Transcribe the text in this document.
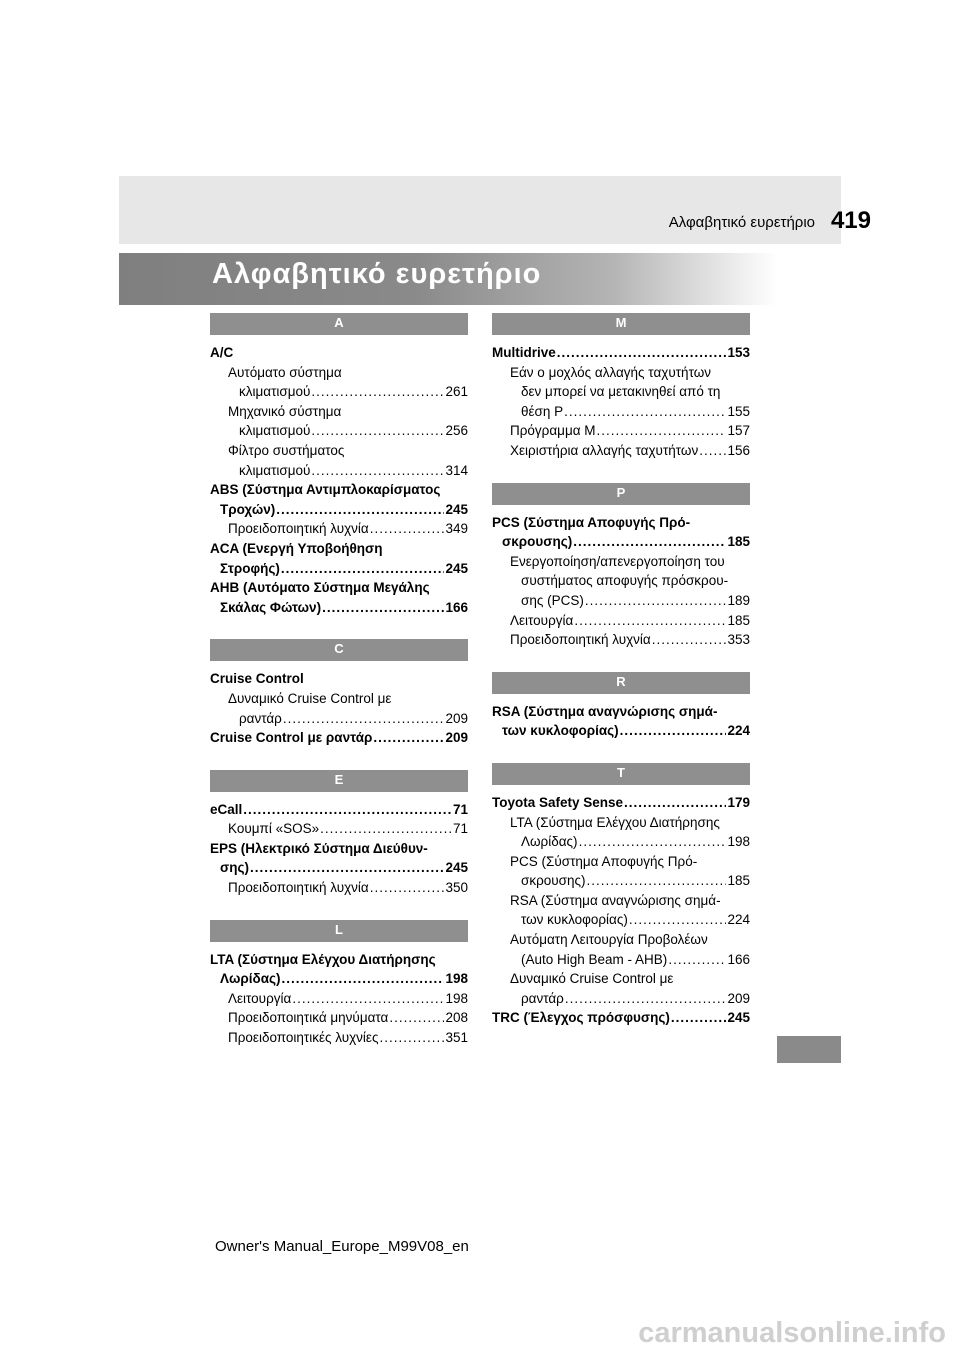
Αλφαβητικό ευρετήριο 419
Αλφαβητικό ευρετήριο
A
A/C
Αυτόματο σύστημα
κλιματισμού .....	261
Μηχανικό σύστημα
κλιματισμού .....	256
Φίλτρο συστήματος
κλιματισμού .....	314
ABS (Σύστημα Αντιμπλοκαρίσματος
Τροχών) .....	245
Προειδοποιητική λυχνία .....	349
ACA (Ενεργή Υποβοήθηση
Στροφής) .....	245
AHB (Αυτόματο Σύστημα Μεγάλης
Σκάλας Φώτων) .....	166
C
Cruise Control
Δυναμικό Cruise Control με
ραντάρ .....	209
Cruise Control με ραντάρ .....	209
E
eCall .....	71
Κουμπί «SOS» .....	71
EPS (Ηλεκτρικό Σύστημα Διεύθυν-
σης) .....	245
Προειδοποιητική λυχνία .....	350
L
LTA (Σύστημα Ελέγχου Διατήρησης
Λωρίδας) .....	198
Λειτουργία .....	198
Προειδοποιητικά μηνύματα .....	208
Προειδοποιητικές λυχνίες .....	351
M
Multidrive .....	153
Εάν ο μοχλός αλλαγής ταχυτήτων
δεν μπορεί να μετακινηθεί από τη
θέση P .....	155
Πρόγραμμα M .....	157
Χειριστήρια αλλαγής ταχυτήτων ..... 156
P
PCS (Σύστημα Αποφυγής Πρό-
σκρουσης) .....	185
Ενεργοποίηση/απενεργοποίηση του
συστήματος αποφυγής πρόσκρου-
σης (PCS) .....	189
Λειτουργία .....	185
Προειδοποιητική λυχνία .....	353
R
RSA (Σύστημα αναγνώρισης σημά-
των κυκλοφορίας) .....	224
T
Toyota Safety Sense .....	179
LTA (Σύστημα Ελέγχου Διατήρησης
Λωρίδας) .....	198
PCS (Σύστημα Αποφυγής Πρό-
σκρουσης) .....	185
RSA (Σύστημα αναγνώρισης σημά-
των κυκλοφορίας) .....	224
Αυτόματη Λειτουργία Προβολέων
(Auto High Beam - AHB) .....	166
Δυναμικό Cruise Control με
ραντάρ .....	209
TRC (Έλεγχος πρόσφυσης) .....	245
Owner's Manual_Europe_M99V08_en
carmanualsonline.info
